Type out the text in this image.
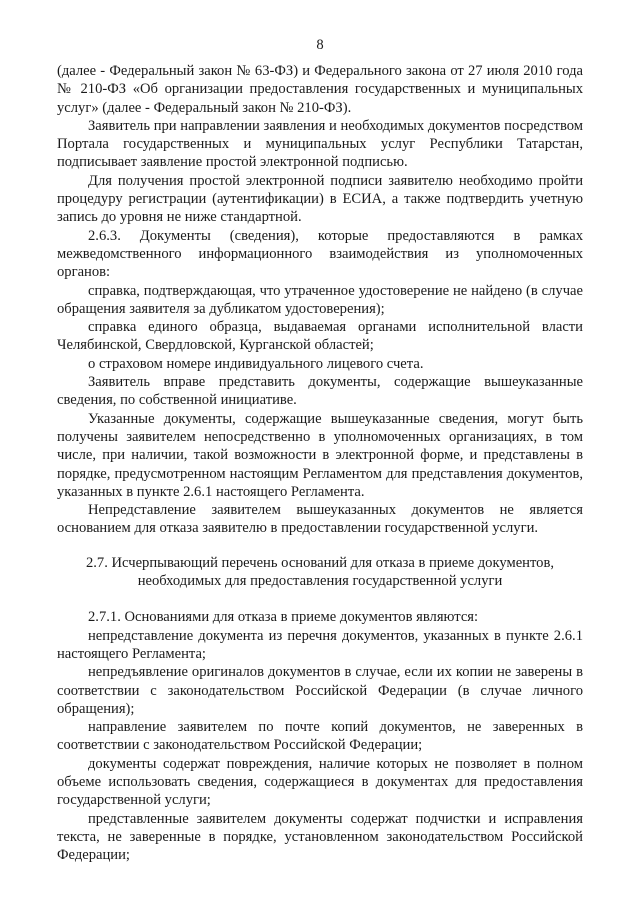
8

(далее - Федеральный закон № 63-ФЗ) и Федерального закона от 27 июля 2010 года № 210-ФЗ «Об организации предоставления государственных и муниципальных услуг» (далее - Федеральный закон № 210-ФЗ).

Заявитель при направлении заявления и необходимых документов посредством Портала государственных и муниципальных услуг Республики Татарстан, подписывает заявление простой электронной подписью.

Для получения простой электронной подписи заявителю необходимо пройти процедуру регистрации (аутентификации) в ЕСИА, а также подтвердить учетную запись до уровня не ниже стандартной.

2.6.3. Документы (сведения), которые предоставляются в рамках межведомственного информационного взаимодействия из уполномоченных органов:

справка, подтверждающая, что утраченное удостоверение не найдено (в случае обращения заявителя за дубликатом удостоверения);

справка единого образца, выдаваемая органами исполнительной власти Челябинской, Свердловской, Курганской областей;

о страховом номере индивидуального лицевого счета.

Заявитель вправе представить документы, содержащие вышеуказанные сведения, по собственной инициативе.

Указанные документы, содержащие вышеуказанные сведения, могут быть получены заявителем непосредственно в уполномоченных организациях, в том числе, при наличии, такой возможности в электронной форме, и представлены в порядке, предусмотренном настоящим Регламентом для представления документов, указанных в пункте 2.6.1 настоящего Регламента.

Непредставление заявителем вышеуказанных документов не является основанием для отказа заявителю в предоставлении государственной услуги.

2.7. Исчерпывающий перечень оснований для отказа в приеме документов,
необходимых для предоставления государственной услуги

2.7.1. Основаниями для отказа в приеме документов являются:

непредставление документа из перечня документов, указанных в пункте 2.6.1 настоящего Регламента;

непредъявление оригиналов документов в случае, если их копии не заверены в соответствии с законодательством Российской Федерации (в случае личного обращения);

направление заявителем по почте копий документов, не заверенных в соответствии с законодательством Российской Федерации;

документы содержат повреждения, наличие которых не позволяет в полном объеме использовать сведения, содержащиеся в документах для предоставления государственной услуги;

представленные заявителем документы содержат подчистки и исправления текста, не заверенные в порядке, установленном законодательством Российской Федерации;
